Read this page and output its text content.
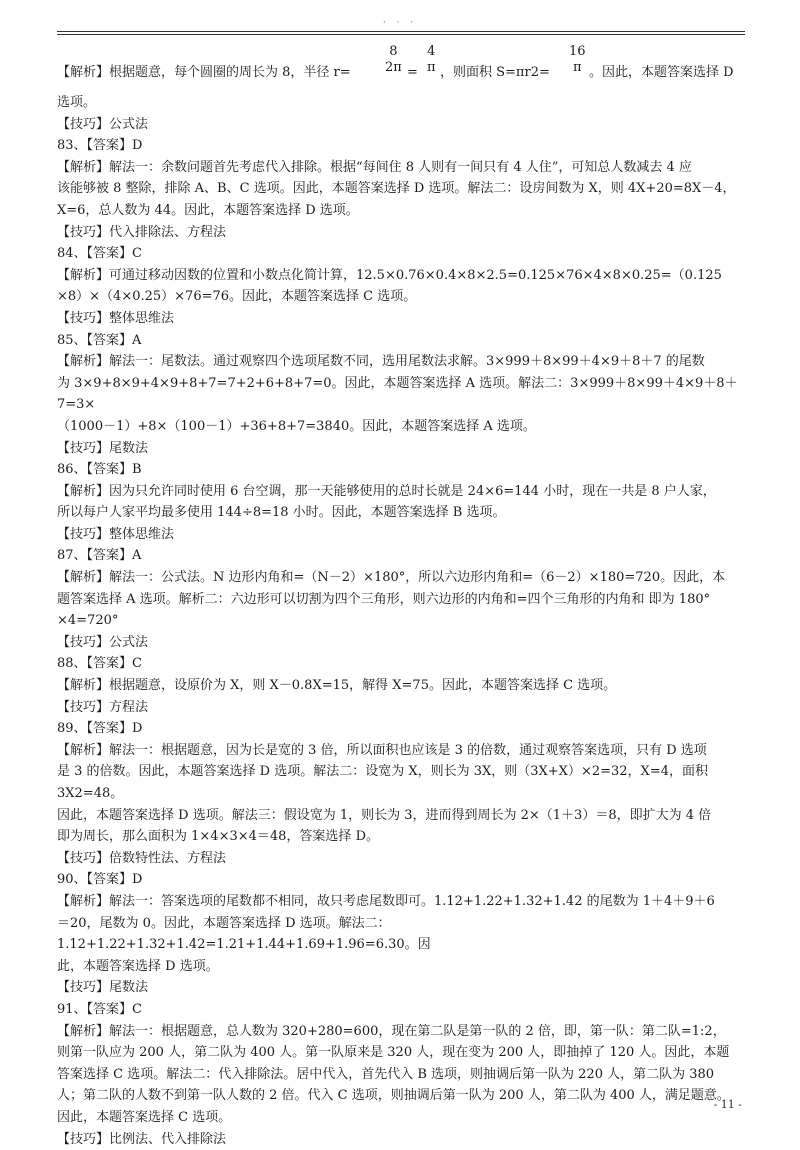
· · ·
【解析】根据题意，每个圆圈的周长为 8，半径 r=
8
2π =
4
π ，则面积 S=πr2=
16
π 。因此，本题答案选择 D

选项。

【技巧】公式法

83、【答案】D

【解析】解法一：余数问题首先考虑代入排除。根据“每间住 8 人则有一间只有 4 人住”，可知总人数减去 4 应

该能够被 8 整除，排除 A、B、C 选项。因此，本题答案选择 D 选项。解法二：设房间数为 X，则 4X+20=8X－4，

X=6，总人数为 44。因此，本题答案选择 D 选项。

【技巧】代入排除法、方程法

84、【答案】C

【解析】可通过移动因数的位置和小数点化简计算，12.5×0.76×0.4×8×2.5=0.125×76×4×8×0.25=（0.125

×8）×（4×0.25）×76=76。因此，本题答案选择 C 选项。

【技巧】整体思维法

85、【答案】A

【解析】解法一：尾数法。通过观察四个选项尾数不同，选用尾数法求解。3×999＋8×99＋4×9＋8＋7 的尾数

为 3×9+8×9+4×9+8+7=7+2+6+8+7=0。因此，本题答案选择 A 选项。解法二：3×999＋8×99＋4×9＋8＋7=3×

（1000－1）+8×（100－1）+36+8+7=3840。因此，本题答案选择 A 选项。

【技巧】尾数法

86、【答案】B

【解析】因为只允许同时使用 6 台空调，那一天能够使用的总时长就是 24×6=144 小时，现在一共是 8 户人家，

所以每户人家平均最多使用 144÷8=18 小时。因此，本题答案选择 B 选项。

【技巧】整体思维法

87、【答案】A

【解析】解法一：公式法。N 边形内角和=（N－2）×180°，所以六边形内角和=（6－2）×180=720。因此，本

题答案选择 A 选项。解析二：六边形可以切割为四个三角形，则六边形的内角和=四个三角形的内角和 即为 180°

×4=720°

【技巧】公式法

88、【答案】C

【解析】根据题意，设原价为 X，则 X－0.8X=15，解得 X=75。因此，本题答案选择 C 选项。

【技巧】方程法

89、【答案】D

【解析】解法一：根据题意，因为长是宽的 3 倍，所以面积也应该是 3 的倍数，通过观察答案选项，只有 D 选项

是 3 的倍数。因此，本题答案选择 D 选项。解法二：设宽为 X，则长为 3X，则（3X+X）×2=32，X=4，面积 3X2=48。

因此，本题答案选择 D 选项。解法三：假设宽为 1，则长为 3，进而得到周长为 2×（1＋3）＝8，即扩大为 4 倍

即为周长，那么面积为 1×4×3×4＝48，答案选择 D。

【技巧】倍数特性法、方程法

90、【答案】D

【解析】解法一：答案选项的尾数都不相同，故只考虑尾数即可。1.12+1.22+1.32+1.42 的尾数为 1＋4＋9＋6

＝20，尾数为 0。因此，本题答案选择 D 选项。解法二：1.12+1.22+1.32+1.42=1.21+1.44+1.69+1.96=6.30。因

此，本题答案选择 D 选项。

【技巧】尾数法

91、【答案】C

【解析】解法一：根据题意，总人数为 320+280=600，现在第二队是第一队的 2 倍，即，第一队：第二队=1:2，

则第一队应为 200 人，第二队为 400 人。第一队原来是 320 人，现在变为 200 人，即抽掉了 120 人。因此，本题

答案选择 C 选项。解法二：代入排除法。居中代入，首先代入 B 选项，则抽调后第一队为 220 人，第二队为 380

人；第二队的人数不到第一队人数的 2 倍。代入 C 选项，则抽调后第一队为 200 人，第二队为 400 人，满足题意。

因此，本题答案选择 C 选项。

【技巧】比例法、代入排除法

- 11 -
